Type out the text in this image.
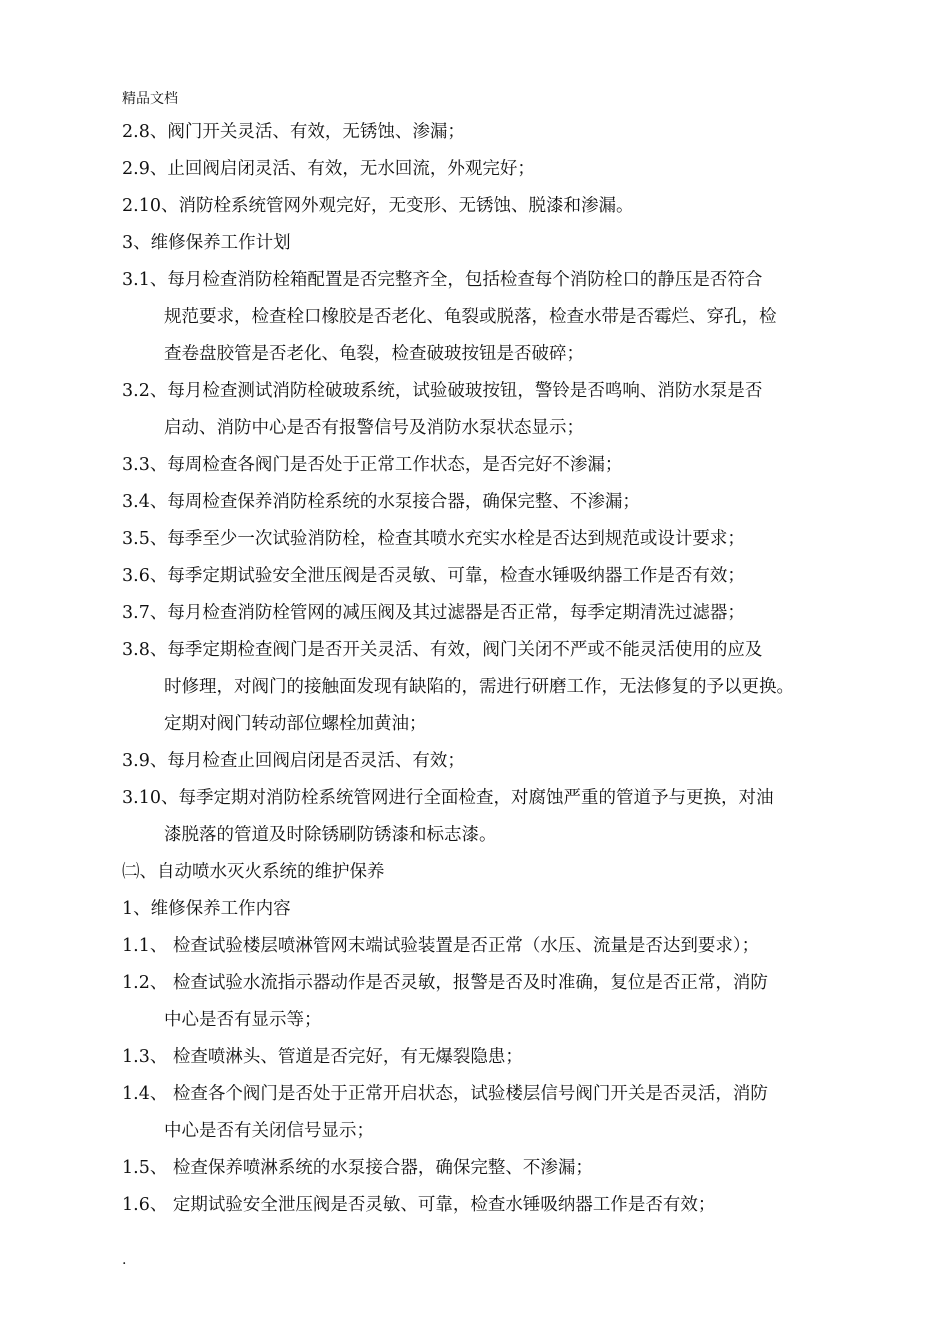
精品文档
2.8、阀门开关灵活、有效，无锈蚀、渗漏；
2.9、止回阀启闭灵活、有效，无水回流，外观完好；
2.10、消防栓系统管网外观完好，无变形、无锈蚀、脱漆和渗漏。
3、维修保养工作计划
3.1、每月检查消防栓箱配置是否完整齐全，包括检查每个消防栓口的静压是否符合
规范要求，检查栓口橡胶是否老化、龟裂或脱落，检查水带是否霉烂、穿孔，检
查卷盘胶管是否老化、龟裂，检查破玻按钮是否破碎；
3.2、每月检查测试消防栓破玻系统，试验破玻按钮，警铃是否鸣响、消防水泵是否
启动、消防中心是否有报警信号及消防水泵状态显示；
3.3、每周检查各阀门是否处于正常工作状态，是否完好不渗漏；
3.4、每周检查保养消防栓系统的水泵接合器，确保完整、不渗漏；
3.5、每季至少一次试验消防栓，检查其喷水充实水栓是否达到规范或设计要求；
3.6、每季定期试验安全泄压阀是否灵敏、可靠，检查水锤吸纳器工作是否有效；
3.7、每月检查消防栓管网的减压阀及其过滤器是否正常，每季定期清洗过滤器；
3.8、每季定期检查阀门是否开关灵活、有效，阀门关闭不严或不能灵活使用的应及
时修理，对阀门的接触面发现有缺陷的，需进行研磨工作，无法修复的予以更换。
定期对阀门转动部位螺栓加黄油；
3.9、每月检查止回阀启闭是否灵活、有效；
3.10、每季定期对消防栓系统管网进行全面检查，对腐蚀严重的管道予与更换，对油
漆脱落的管道及时除锈刷防锈漆和标志漆。
㈡、自动喷水灭火系统的维护保养
1、维修保养工作内容
1.1、 检查试验楼层喷淋管网末端试验装置是否正常（水压、流量是否达到要求）；
1.2、 检查试验水流指示器动作是否灵敏，报警是否及时准确，复位是否正常，消防
中心是否有显示等；
1.3、 检查喷淋头、管道是否完好，有无爆裂隐患；
1.4、 检查各个阀门是否处于正常开启状态，试验楼层信号阀门开关是否灵活，消防
中心是否有关闭信号显示；
1.5、 检查保养喷淋系统的水泵接合器，确保完整、不渗漏；
1.6、 定期试验安全泄压阀是否灵敏、可靠，检查水锤吸纳器工作是否有效；
.
